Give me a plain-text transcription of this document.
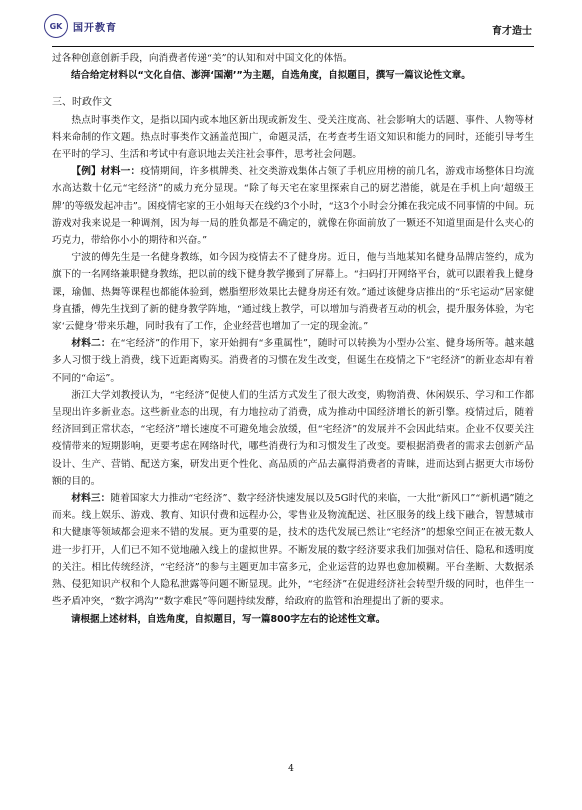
GK	国开教育	育才造士

过各种创意创新手段，向消费者传递“美”的认知和对中国文化的体悟。

结合给定材料以“文化自信、澎湃‘国潮’”为主题，自选角度，自拟题目，撰写一篇议论性文章。

三、时政作文

热点时事类作文，是指以国内或本地区新出现或新发生、受关注度高、社会影响大的话题、事件、人物等材料来命制的作文题。热点时事类作文涵盖范围广，命题灵活，在考查考生语文知识和能力的同时，还能引导考生在平时的学习、生活和考试中有意识地去关注社会事件，思考社会问题。

【例】材料一：疫情期间，许多棋牌类、社交类游戏集体占领了手机应用榜的前几名，游戏市场整体日均流水高达数十亿元“宅经济”的威力充分显现。“除了每天宅在家里探索自己的厨艺潜能，就是在手机上向‘超级王牌’的等级发起冲击”。困疫情宅家的王小姐每天在线约3个小时，“这3个小时会分摊在我完成不同事情的中间。玩游戏对我来说是一种调剂，因为每一局的胜负都是不确定的，就像在你面前放了一颗还不知道里面是什么夹心的巧克力，带给你小小的期待和兴奋。”

宁波的傅先生是一名健身教练，如今因为疫情去不了健身房。近日，他与当地某知名健身品牌店签约，成为旗下的一名网络兼职健身教练，把以前的线下健身教学搬到了屏幕上。“扫码打开网络平台，就可以跟着我上健身课，瑜伽、热舞等课程也都能体验到，燃脂塑形效果比去健身房还有效。”通过该健身店推出的“乐宅运动”居家健身直播，傅先生找到了新的健身教学阵地，“通过线上教学，可以增加与消费者互动的机会，提升服务体验，为宅家‘云健身’带来乐趣，同时我有了工作，企业经营也增加了一定的现金流。”

材料二：在“宅经济”的作用下，家开始拥有“多重属性”，随时可以转换为小型办公室、健身场所等。越来越多人习惯于线上消费，线下近距离购买。消费者的习惯在发生改变，但诞生在疫情之下“宅经济”的新业态却有着不同的“命运”。

浙江大学刘教授认为，“宅经济”促使人们的生活方式发生了很大改变，购物消费、休闲娱乐、学习和工作都呈现出许多新业态。这些新业态的出现，有力地拉动了消费，成为推动中国经济增长的新引擎。疫情过后，随着经济回到正常状态，“宅经济”增长速度不可避免地会放缓，但“宅经济”的发展并不会因此结束。企业不仅要关注疫情带来的短期影响，更要考虑在网络时代，哪些消费行为和习惯发生了改变。要根据消费者的需求去创新产品设计、生产、营销、配送方案，研发出更个性化、高品质的产品去赢得消费者的青睐，进而达到占据更大市场份额的目的。

材料三：随着国家大力推动“宅经济”、数字经济快速发展以及5G时代的来临，一大批“新风口”“新机遇”随之而来。线上娱乐、游戏、教育、知识付费和远程办公，零售业及物流配送、社区服务的线上线下融合，智慧城市和大健康等领域都会迎来不错的发展。更为重要的是，技术的迭代发展已然让“宅经济”的想象空间正在被无数人进一步打开，人们已不知不觉地融入线上的虚拟世界。不断发展的数字经济要求我们加强对信任、隐私和透明度的关注。相比传统经济，“宅经济”的参与主题更加丰富多元，企业运营的边界也愈加模糊。平台垄断、大数据杀熟、侵犯知识产权和个人隐私泄露等问题不断显现。此外，“宅经济”在促进经济社会转型升级的同时，也伴生一些矛盾冲突，“数字鸿沟”“数字难民”等问题持续发酵，给政府的监管和治理提出了新的要求。

请根据上述材料，自选角度，自拟题目，写一篇800字左右的论述性文章。

4
